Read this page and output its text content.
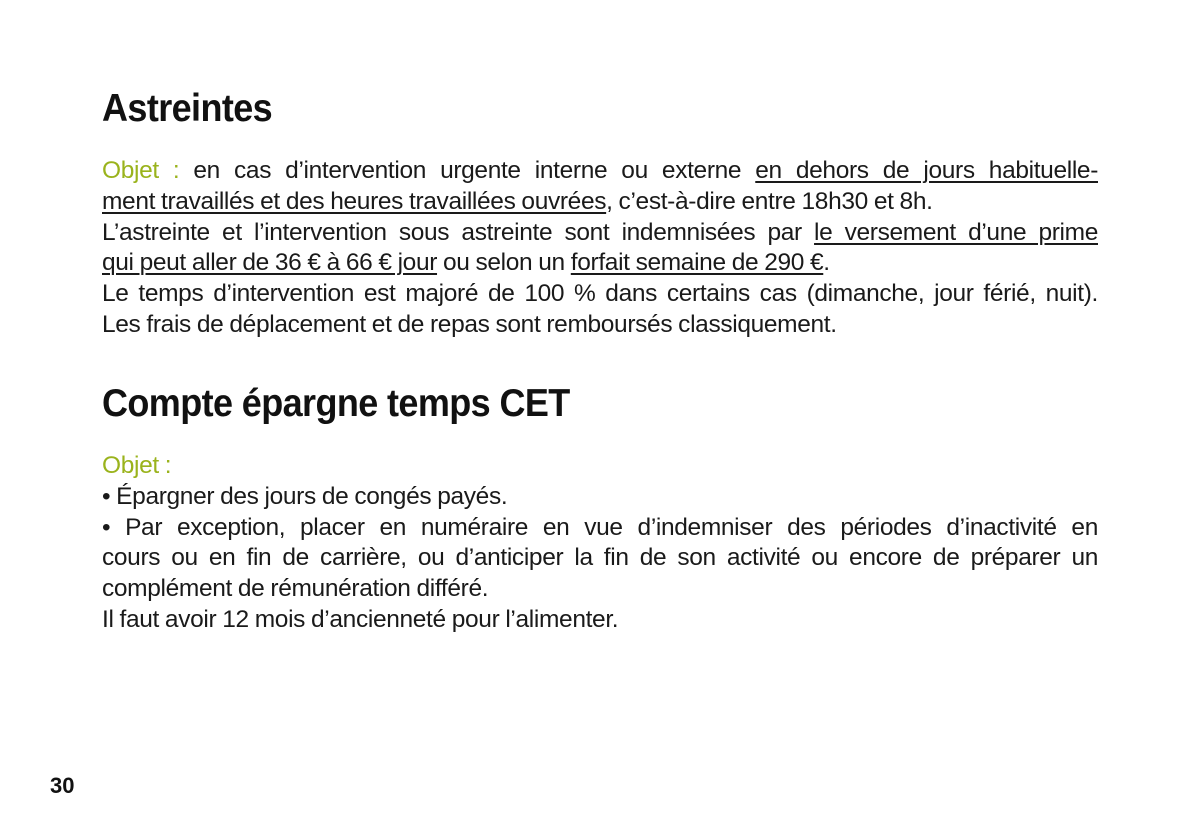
Astreintes
Objet : en cas d’intervention urgente interne ou externe en dehors de jours habituelle-
ment travaillés et des heures travaillées ouvrées, c’est-à-dire entre 18h30 et 8h.
L’astreinte et l’intervention sous astreinte sont indemnisées par le versement d’une prime
qui peut aller de 36 € à 66 € jour ou selon un forfait semaine de 290 €.
Le temps d’intervention est majoré de 100 % dans certains cas (dimanche, jour férié, nuit).
Les frais de déplacement et de repas sont remboursés classiquement.
Compte épargne temps CET
Objet :
• Épargner des jours de congés payés.
• Par exception, placer en numéraire en vue d’indemniser des périodes d’inactivité en
cours ou en fin de carrière, ou d’anticiper la fin de son activité ou encore de préparer un
complément de rémunération différé.
Il faut avoir 12 mois d’ancienneté pour l’alimenter.
30
